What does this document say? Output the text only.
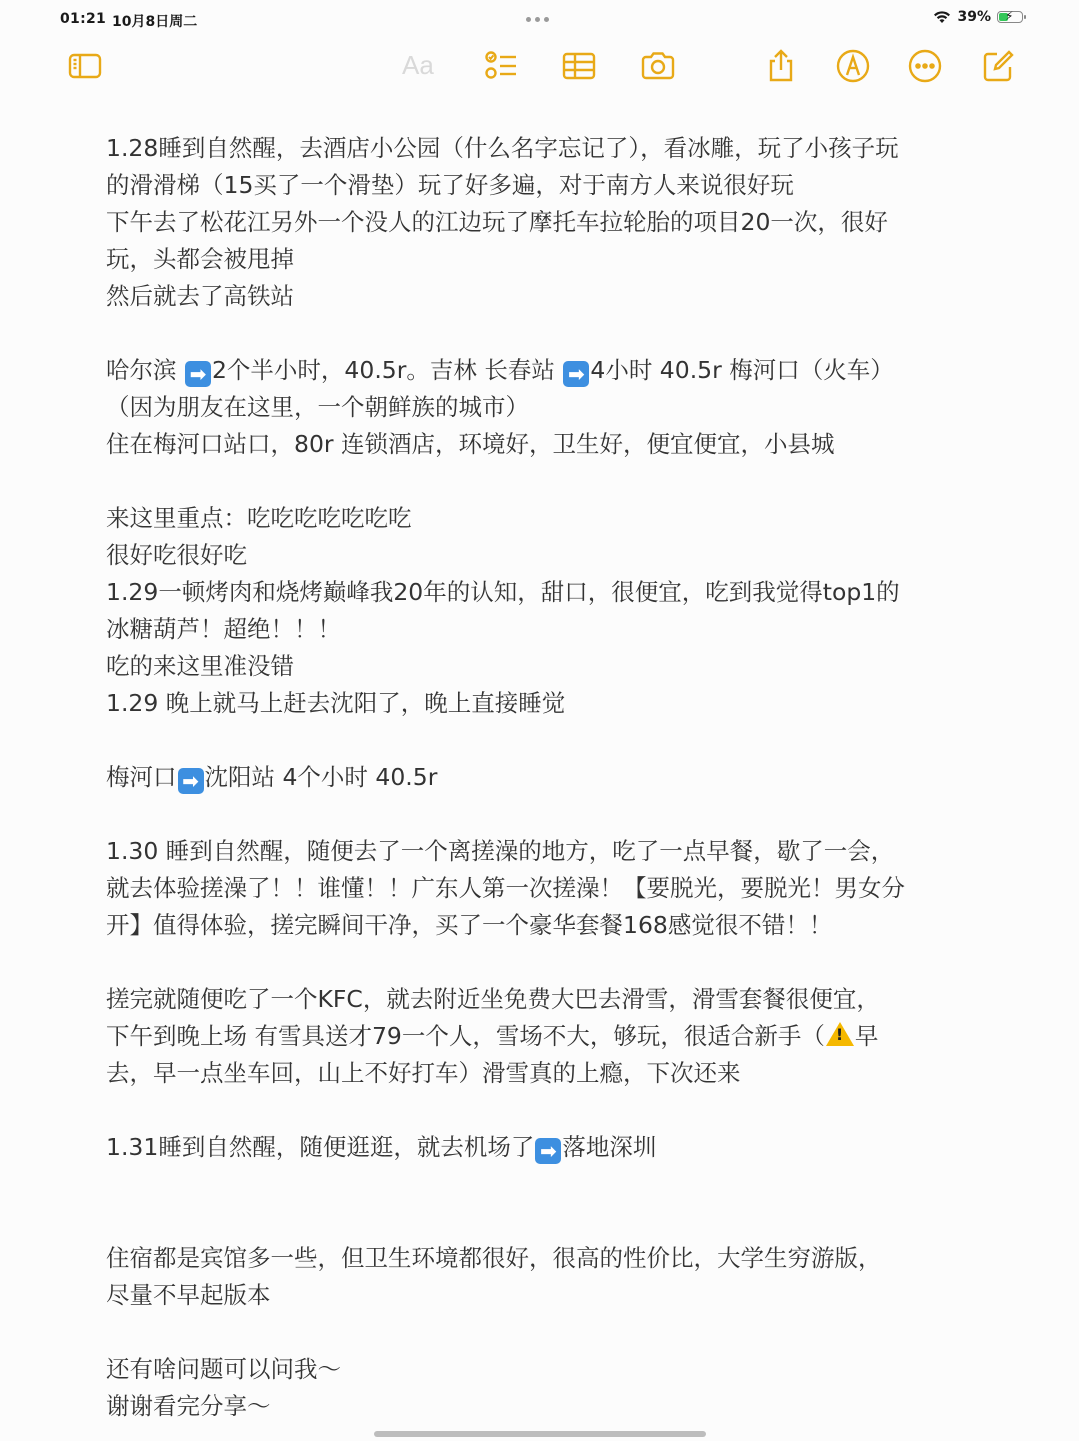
01:21 10月8日周二	39% ⚡
Aa
1.28睡到自然醒，去酒店小公园（什么名字忘记了），看冰雕，玩了小孩子玩
的滑滑梯（15买了一个滑垫）玩了好多遍，对于南方人来说很好玩
下午去了松花江另外一个没人的江边玩了摩托车拉轮胎的项目20一次，很好
玩，头都会被甩掉
然后就去了高铁站
哈尔滨 ➡ 2个半小时，40.5r。吉林 长春站 ➡ 4小时 40.5r 梅河口（火车）
（因为朋友在这里，一个朝鲜族的城市）
住在梅河口站口，80r 连锁酒店，环境好，卫生好，便宜便宜，小县城
来这里重点：吃吃吃吃吃吃吃
很好吃很好吃
1.29一顿烤肉和烧烤巅峰我20年的认知，甜口，很便宜，吃到我觉得top1的
冰糖葫芦！超绝！！！
吃的来这里准没错
1.29 晚上就马上赶去沈阳了，晚上直接睡觉
梅河口 ➡ 沈阳站 4个小时 40.5r
1.30 睡到自然醒，随便去了一个离搓澡的地方，吃了一点早餐，歇了一会，
就去体验搓澡了！！谁懂！！广东人第一次搓澡！【要脱光，要脱光！男女分
开】值得体验，搓完瞬间干净，买了一个豪华套餐168感觉很不错！！
搓完就随便吃了一个KFC，就去附近坐免费大巴去滑雪，滑雪套餐很便宜，
下午到晚上场 有雪具送才79一个人，雪场不大，够玩，很适合新手（! 早
去，早一点坐车回，山上不好打车）滑雪真的上瘾，下次还来
1.31睡到自然醒，随便逛逛，就去机场了 ➡ 落地深圳
住宿都是宾馆多一些，但卫生环境都很好，很高的性价比，大学生穷游版，
尽量不早起版本
还有啥问题可以问我～
谢谢看完分享～
